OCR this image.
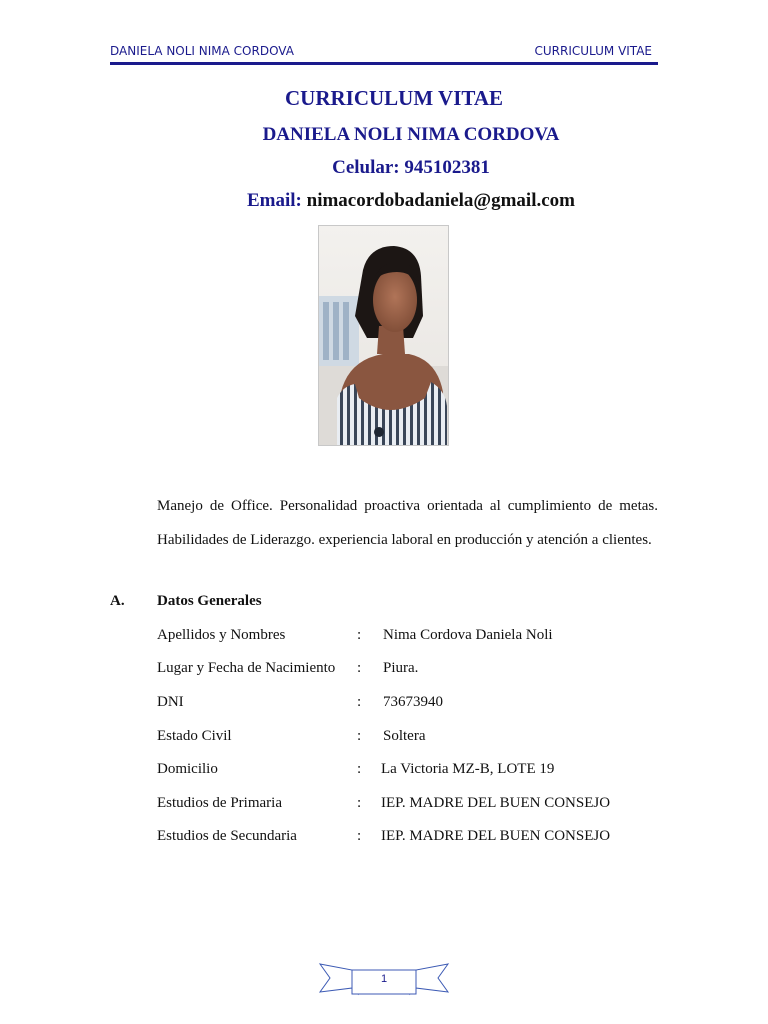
DANIELA NOLI NIMA CORDOVA	CURRICULUM VITAE
CURRICULUM VITAE
DANIELA NOLI NIMA CORDOVA
Celular: 945102381
Email: nimacordobadaniela@gmail.com
Manejo de Office. Personalidad proactiva orientada al cumplimiento de metas. Habilidades de Liderazgo. experiencia laboral en producción y atención a clientes.
A. Datos Generales
Apellidos y Nombres	: Nima Cordova Daniela Noli
Lugar y Fecha de Nacimiento : Piura.
DNI	: 73673940
Estado Civil	: Soltera
Domicilio	: La Victoria MZ-B, LOTE 19
Estudios de Primaria	: IEP. MADRE DEL BUEN CONSEJO
Estudios de Secundaria	: IEP. MADRE DEL BUEN CONSEJO
1
